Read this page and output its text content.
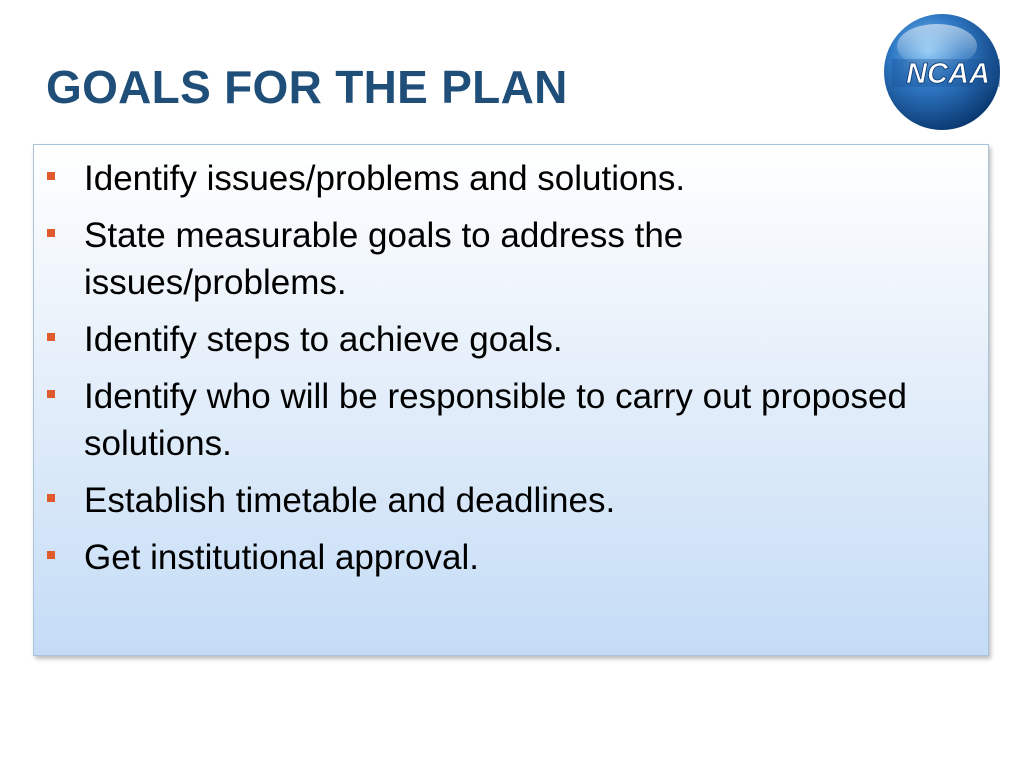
GOALS FOR THE PLAN	NCAA
Identify issues/problems and solutions.
State measurable goals to address the issues/problems.
Identify steps to achieve goals.
Identify who will be responsible to carry out proposed solutions.
Establish timetable and deadlines.
Get institutional approval.
